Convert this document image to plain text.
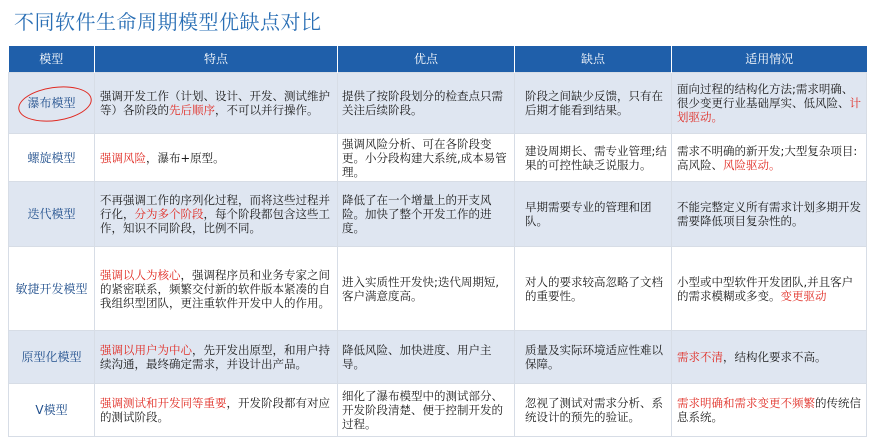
不同软件生命周期模型优缺点对比
模型	特点	优点	缺点	适用情况

瀑布模型	强调开发工作（计划、设计、开发、测试维护等）各阶段的先后顺序，不可以并行操作。	提供了按阶段划分的检查点只需关注后续阶段。	阶段之间缺少反馈，只有在后期才能看到结果。	面向过程的结构化方法;需求明确、很少变更行业基础厚实、低风险、计划驱动。
螺旋模型	强调风险，瀑布+原型。	强调风险分析、可在各阶段变更。小分段构建大系统,成本易管理。	建设周期长、需专业管理;结果的可控性缺乏说服力。	需求不明确的新开发;大型复杂项目:高风险、风险驱动。
迭代模型	不再强调工作的序列化过程，而将这些过程并行化，分为多个阶段，每个阶段都包含这些工作，知识不同阶段，比例不同。	降低了在一个增量上的开支风险。加快了整个开发工作的进度。	早期需要专业的管理和团队。	不能完整定义所有需求计划多期开发需要降低项目复杂性的。
敏捷开发模型	强调以人为核心，强调程序员和业务专家之间的紧密联系，频繁交付新的软件版本紧凑的自我组织型团队，更注重软件开发中人的作用。	进入实质性开发快;迭代周期短,客户满意度高。	对人的要求较高忽略了文档的重要性。	小型或中型软件开发团队,并且客户的需求模糊或多变。变更驱动
原型化模型	强调以用户为中心，先开发出原型，和用户持续沟通，最终确定需求，并设计出产品。	降低风险、加快进度、用户主导。	质量及实际环境适应性难以保障。	需求不清，结构化要求不高。
V模型	强调测试和开发同等重要，开发阶段都有对应的测试阶段。	细化了瀑布模型中的测试部分、开发阶段清楚、便于控制开发的过程。	忽视了测试对需求分析、系统设计的预先的验证。	需求明确和需求变更不频繁的传统信息系统。
